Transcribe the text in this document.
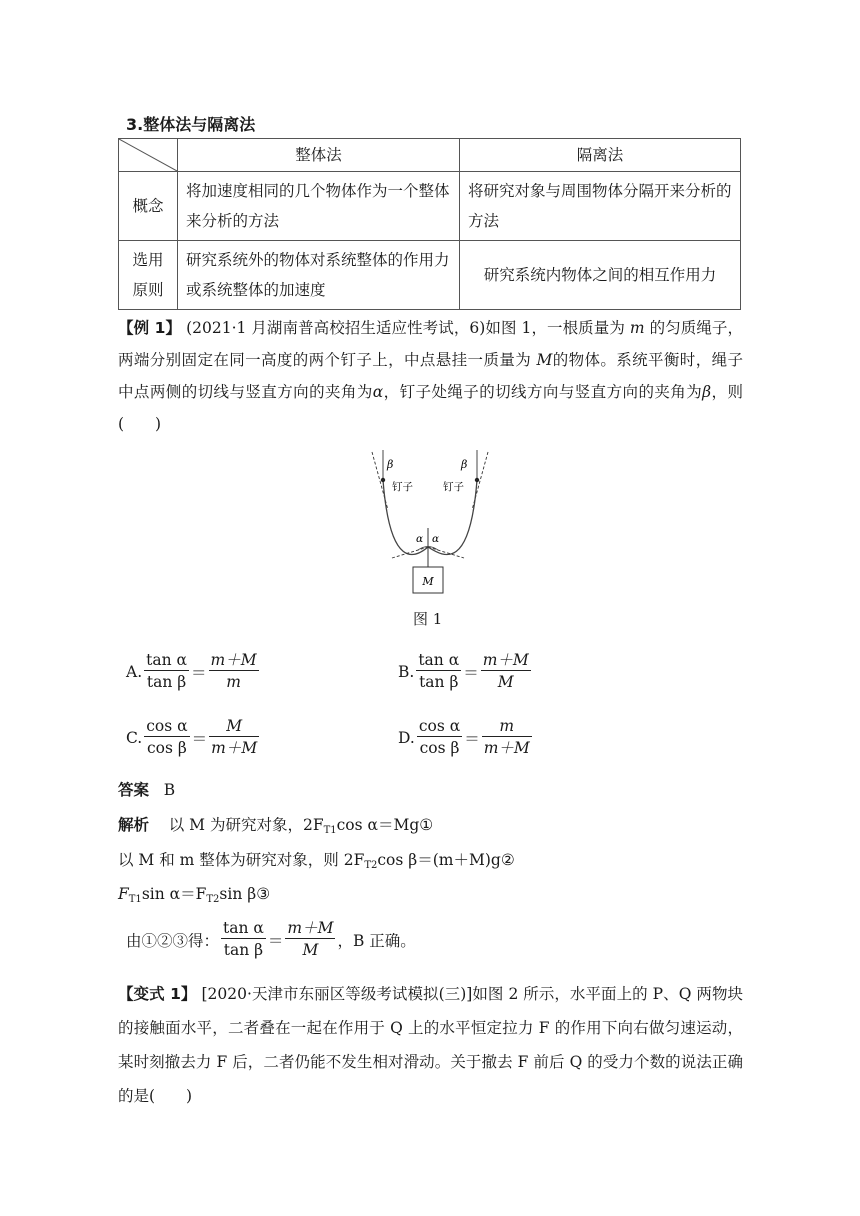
3.整体法与隔离法
	整体法	隔离法
概念	将加速度相同的几个物体作为一个整体来分析的方法	将研究对象与周围物体分隔开来分析的方法
选用
原则	研究系统外的物体对系统整体的作用力或系统整体的加速度	研究系统内物体之间的相互作用力
【例 1】 (2021·1 月湖南普高校招生适应性考试，6)如图 1，一根质量为 m 的匀质绳子，两端分别固定在同一高度的两个钉子上，中点悬挂一质量为 M的物体。系统平衡时，绳子中点两侧的切线与竖直方向的夹角为α，钉子处绳子的切线方向与竖直方向的夹角为β，则(　　)
M
β	β
钉子	钉子
α α
图 1
A. $\frac{\text{tan α}}{\text{tan β}} = \frac{m+M}{m}$	B. $\frac{\text{tan α}}{\text{tan β}} = \frac{m+M}{M}$
C. $\frac{\text{cos α}}{\text{cos β}} = \frac{M}{m+M}$	D. $\frac{\text{cos α}}{\text{cos β}} = \frac{m}{m+M}$
答案 B
解析 以 M 为研究对象，$2F_{T1}\cos$ α＝Mg①
以 M 和 m 整体为研究对象，则 $2F_{T2}\cos$ β＝(m＋M)g②
$F_{T1}\sin$ $\alpha=F_{T2}\sin$ β③
由①②③得： $\frac{\text{tan α}}{\text{tan β}} = \frac{m+M}{M}$ ，B 正确。
【变式 1】 [2020·天津市东丽区等级考试模拟(三)]如图 2 所示，水平面上的 P、Q 两物块的接触面水平，二者叠在一起在作用于 Q 上的水平恒定拉力 F 的作用下向右做匀速运动，某时刻撤去力 F 后，二者仍能不发生相对滑动。关于撤去 F 前后 Q 的受力个数的说法正确的是(　　)
